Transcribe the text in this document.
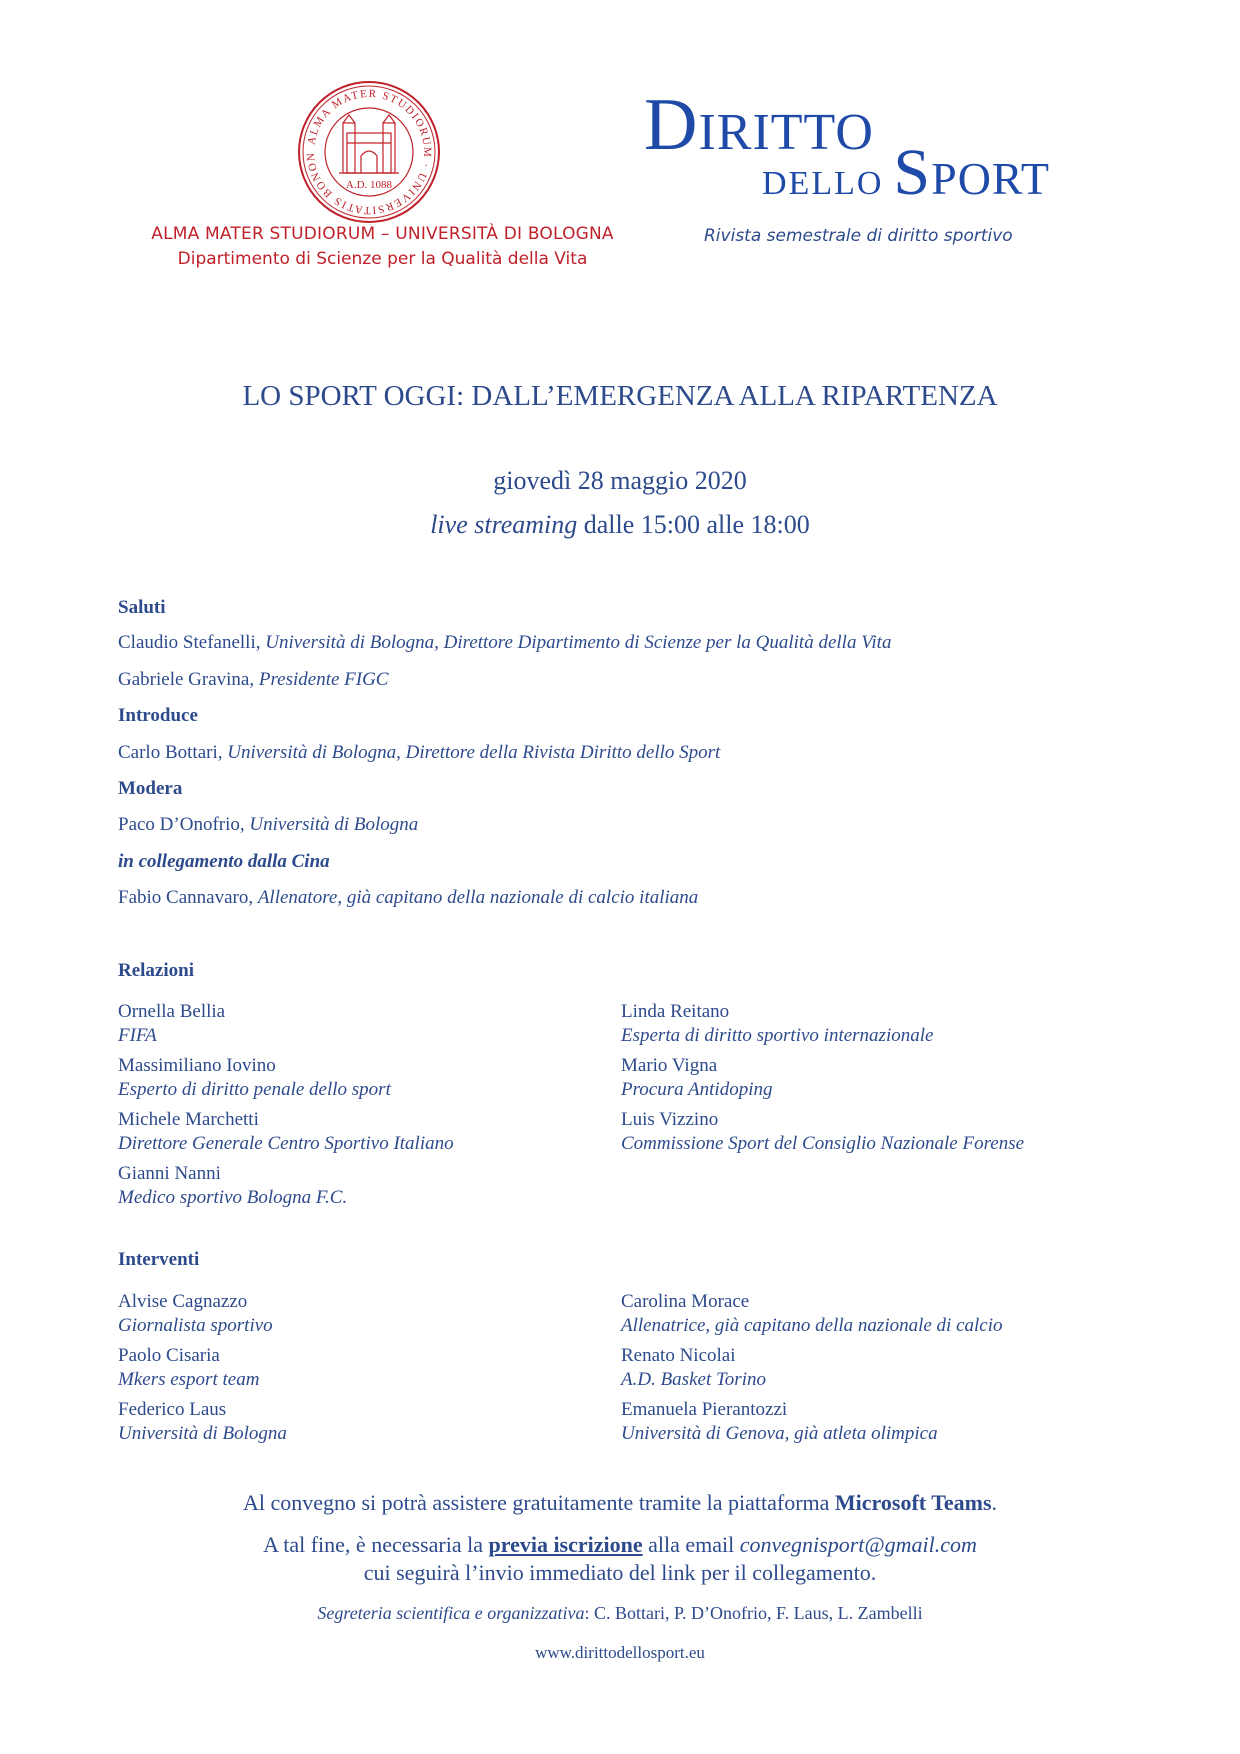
ALMA MATER STUDIORUM · UNIVERSITATIS BONON
A.D. 1088
ALMA MATER STUDIORUM – UNIVERSITÀ DI BOLOGNA
Dipartimento di Scienze per la Qualità della Vita
Diritto
DELLO Sport
Rivista semestrale di diritto sportivo
LO SPORT OGGI: DALL’EMERGENZA ALLA RIPARTENZA
giovedì 28 maggio 2020
live streaming dalle 15:00 alle 18:00
Saluti
Claudio Stefanelli, Università di Bologna, Direttore Dipartimento di Scienze per la Qualità della Vita
Gabriele Gravina, Presidente FIGC
Introduce
Carlo Bottari, Università di Bologna, Direttore della Rivista Diritto dello Sport
Modera
Paco D’Onofrio, Università di Bologna
in collegamento dalla Cina
Fabio Cannavaro, Allenatore, già capitano della nazionale di calcio italiana
Relazioni
Ornella Bellia
FIFA
Massimiliano Iovino
Esperto di diritto penale dello sport
Michele Marchetti
Direttore Generale Centro Sportivo Italiano
Gianni Nanni
Medico sportivo Bologna F.C.
Linda Reitano
Esperta di diritto sportivo internazionale
Mario Vigna
Procura Antidoping
Luis Vizzino
Commissione Sport del Consiglio Nazionale Forense
Interventi
Alvise Cagnazzo
Giornalista sportivo
Paolo Cisaria
Mkers esport team
Federico Laus
Università di Bologna
Carolina Morace
Allenatrice, già capitano della nazionale di calcio
Renato Nicolai
A.D. Basket Torino
Emanuela Pierantozzi
Università di Genova, già atleta olimpica
Al convegno si potrà assistere gratuitamente tramite la piattaforma Microsoft Teams.
A tal fine, è necessaria la previa iscrizione alla email convegnisport@gmail.com
cui seguirà l’invio immediato del link per il collegamento.
Segreteria scientifica e organizzativa: C. Bottari, P. D’Onofrio, F. Laus, L. Zambelli
www.dirittodellosport.eu
